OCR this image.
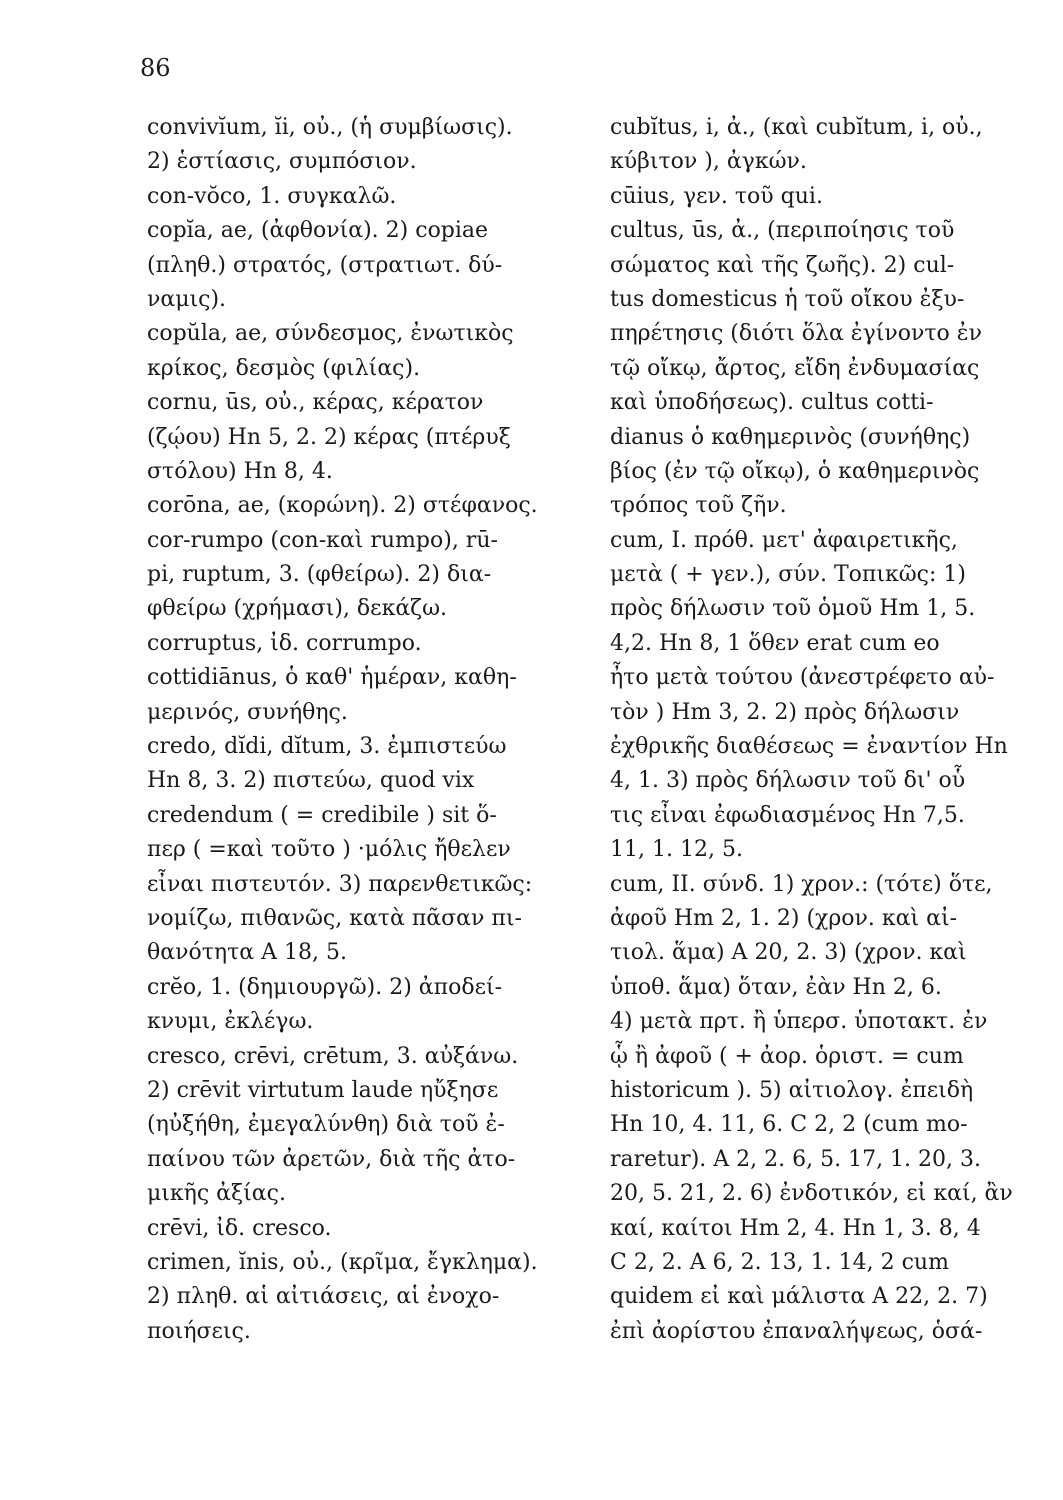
86

convivĭum, ĭi, οὐ., (ἡ συμβίωσις).
2) ἑστίασις, συμπόσιον.
con-vŏco, 1. συγκαλῶ.
copĭa, ae, (ἀφθονία). 2) copiae
(πληθ.) στρατός, (στρατιωτ. δύ-
ναμις).
copŭla, ae, σύνδεσμος, ἐνωτικὸς
κρίκος, δεσμὸς (φιλίας).
cornu, ūs, οὐ., κέρας, κέρατον
(ζῴου) Hn 5, 2. 2) κέρας (πτέρυξ
στόλου) Hn 8, 4.
corōna, ae, (κορώνη). 2) στέφανος.
cor-rumpo (con-καὶ rumpo), rū-
pi, ruptum, 3. (φθείρω). 2) δια-
φθείρω (χρήμασι), δεκάζω.
corruptus, ἰδ. corrumpo.
cottidiānus, ὁ καθ' ἡμέραν, καθη-
μερινός, συνήθης.
credo, dĭdi, dĭtum, 3. ἐμπιστεύω
Hn 8, 3. 2) πιστεύω, quod vix
credendum ( = credibile ) sit ὅ-
περ ( =καὶ τοῦτο ) ·μόλις ἤθελεν
εἶναι πιστευτόν. 3) παρενθετικῶς:
νομίζω, πιθανῶς, κατὰ πᾶσαν πι-
θανότητα A 18, 5.
crĕo, 1. (δημιουργῶ). 2) ἀποδεί-
κνυμι, ἐκλέγω.
cresco, crēvi, crētum, 3. αὐξάνω.
2) crēvit virtutum laude ηὔξησε
(ηὐξήθη, ἐμεγαλύνθη) διὰ τοῦ ἐ-
παίνου τῶν ἀρετῶν, διὰ τῆς ἀτο-
μικῆς ἀξίας.
crēvi, ἰδ. cresco.
crimen, ĭnis, οὐ., (κρῖμα, ἔγκλημα).
2) πληθ. αἱ αἰτιάσεις, αἱ ἐνοχο-
ποιήσεις.
cubĭtus, i, ἀ., (καὶ cubĭtum, i, οὐ.,
κύβιτον ), ἀγκών.
cūius, γεν. τοῦ qui.
cultus, ūs, ἀ., (περιποίησις τοῦ
σώματος καὶ τῆς ζωῆς). 2) cul-
tus domesticus ἡ τοῦ οἴκου ἐξυ-
πηρέτησις (διότι ὅλα ἐγίνοντο ἐν
τῷ οἴκῳ, ἄρτος, εἴδη ἐνδυμασίας
καὶ ὑποδήσεως). cultus cotti-
dianus ὁ καθημερινὸς (συνήθης)
βίος (ἐν τῷ οἴκῳ), ὁ καθημερινὸς
τρόπος τοῦ ζῆν.
cum, I. πρόθ. μετ' ἀφαιρετικῆς,
μετὰ ( + γεν.), σύν. Τοπικῶς: 1)
πρὸς δήλωσιν τοῦ ὁμοῦ Hm 1, 5.
4,2. Hn 8, 1 ὅθεν erat cum eo
ἦτο μετὰ τούτου (ἀνεστρέφετο αὐ-
τὸν ) Hm 3, 2. 2) πρὸς δήλωσιν
ἐχθρικῆς διαθέσεως = ἐναντίον Hn
4, 1. 3) πρὸς δήλωσιν τοῦ δι' οὗ
τις εἶναι ἐφωδιασμένος Hn 7,5.
11, 1. 12, 5.
cum, II. σύνδ. 1) χρον.: (τότε) ὅτε,
ἀφοῦ Hm 2, 1. 2) (χρον. καὶ αἰ-
τιολ. ἅμα) A 20, 2. 3) (χρον. καὶ
ὑποθ. ἅμα) ὅταν, ἐὰν Hn 2, 6.
4) μετὰ πρτ. ἢ ὑπερσ. ὑποτακτ. ἐν
ᾧ ἢ ἀφοῦ ( + ἀορ. ὁριστ. = cum
historicum ). 5) αἰτιολογ. ἐπειδὴ
Hn 10, 4. 11, 6. C 2, 2 (cum mo-
raretur). A 2, 2. 6, 5. 17, 1. 20, 3.
20, 5. 21, 2. 6) ἐνδοτικόν, εἰ καί, ἂν
καί, καίτοι Hm 2, 4. Hn 1, 3. 8, 4
C 2, 2. A 6, 2. 13, 1. 14, 2 cum
quidem εἰ καὶ μάλιστα A 22, 2. 7)
ἐπὶ ἀορίστου ἐπαναλήψεως, ὁσά-
